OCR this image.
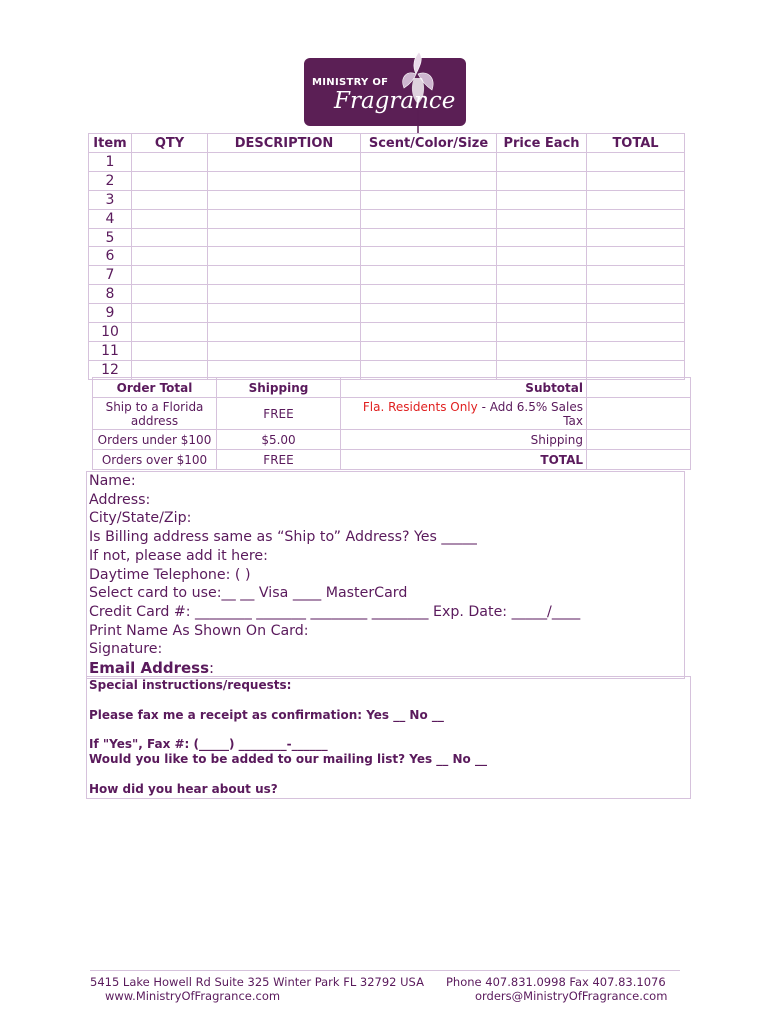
MINISTRY OF
Fragrance
Item	QTY	DESCRIPTION	Scent/Color/Size	Price Each	TOTAL
1					
2					
3					
4					
5					
6					
7					
8					
9					
10					
11					
12					
Order Total	Shipping	Subtotal	
Ship to a Florida address	FREE	Fla. Residents Only - Add 6.5% Sales Tax	
Orders under $100	$5.00	Shipping	
Orders over $100	FREE	TOTAL	
Name:
Address:
City/State/Zip:
Is Billing address same as “Ship to” Address? Yes _____
If not, please add it here:
Daytime Telephone: ( )
Select card to use:__ __ Visa ____ MasterCard
Credit Card #: ________ _______ ________ ________ Exp. Date: _____/____
Print Name As Shown On Card:
Signature:
Email Address:
Special instructions/requests:
Please fax me a receipt as confirmation: Yes __ No __
If "Yes", Fax #: (_____) ________-______
Would you like to be added to our mailing list? Yes __ No __
How did you hear about us?
5415 Lake Howell Rd Suite 325 Winter Park FL 32792 USA
www.MinistryOfFragrance.com
Phone 407.831.0998 Fax 407.83.1076
orders@MinistryOfFragrance.com
